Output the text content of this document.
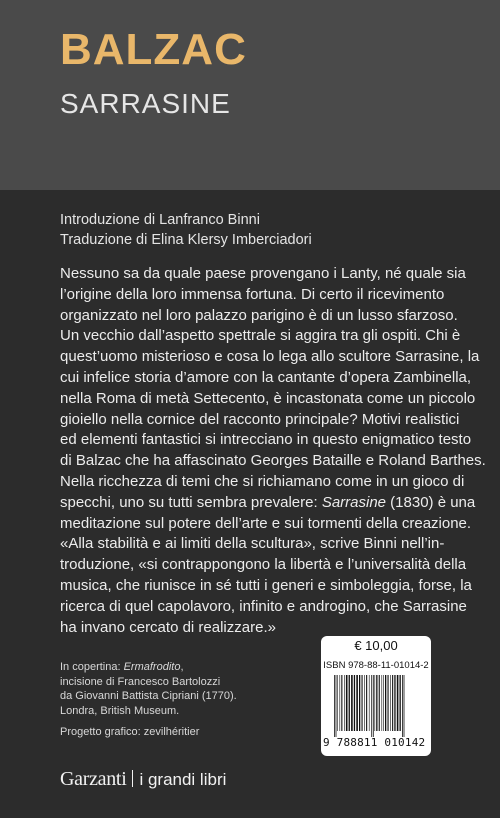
BALZAC
SARRASINE
Introduzione di Lanfranco Binni
Traduzione di Elina Klersy Imberciadori
Nessuno sa da quale paese provengano i Lanty, né quale sia
l’origine della loro immensa fortuna. Di certo il ricevimento
organizzato nel loro palazzo parigino è di un lusso sfarzoso.
Un vecchio dall’aspetto spettrale si aggira tra gli ospiti. Chi è
quest’uomo misterioso e cosa lo lega allo scultore Sarrasine, la
cui infelice storia d’amore con la cantante d’opera Zambinella,
nella Roma di metà Settecento, è incastonata come un piccolo
gioiello nella cornice del racconto principale? Motivi realistici
ed elementi fantastici si intrecciano in questo enigmatico testo
di Balzac che ha affascinato Georges Bataille e Roland Barthes.
Nella ricchezza di temi che si richiamano come in un gioco di
specchi, uno su tutti sembra prevalere: Sarrasine (1830) è una
meditazione sul potere dell’arte e sui tormenti della creazione.
«Alla stabilità e ai limiti della scultura», scrive Binni nell’in-
troduzione, «si contrappongono la libertà e l’universalità della
musica, che riunisce in sé tutti i generi e simboleggia, forse, la
ricerca di quel capolavoro, infinito e androgino, che Sarrasine
ha invano cercato di realizzare.»
€ 10,00
ISBN 978-88-11-01014-2
9 788811 010142
In copertina: Ermafrodito,
incisione di Francesco Bartolozzi
da Giovanni Battista Cipriani (1770).
Londra, British Museum.
Progetto grafico: zevilhéritier
Garzanti i grandi libri
